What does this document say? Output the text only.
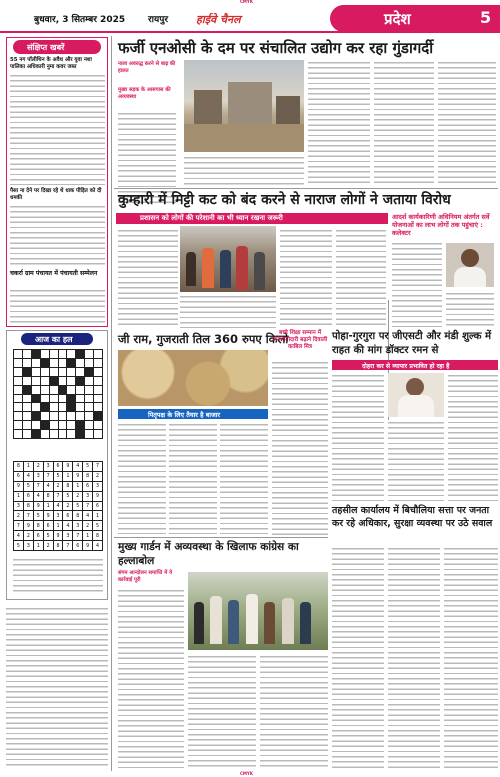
CMYK
बुधवार, 3 सितम्बर 2025	रायपुर	हाईवे चैनल	प्रदेश	5
संक्षिप्त खबरें
55 नग पॉलीथिन के अवैध और युवा नशा पालिका अधिकारी नुमा कवर जब्त
पैसा ना देने पर दिखा रहे थे धाक पीड़ित को दी धमकी
चकर्रा ग्राम पंचायत में पंचायती सम्मेलन
आज का हल
8	1	2	3	6	9	4	5	7
6	4	3	7	5	1	9	8	2
9	5	7	4	2	8	1	6	3
1	6	4	8	7	5	2	3	9
3	8	9	1	4	2	5	7	6
2	7	5	9	3	6	8	4	1
7	9	8	6	1	4	3	2	5
4	2	6	5	9	3	7	1	8
5	3	1	2	8	7	6	9	4
फर्जी एनओसी के दम पर संचालित उद्योग कर रहा गुंडागर्दी
नाला अवरुद्ध करने से बाढ़ की हालत
मुख्य सड़क के आसपास की अव्यवस्था
कुम्हारी में मिट्टी कट को बंद करने से नाराज लोगों ने जताया विरोध
प्रशासन को लोगों की परेशानी का भी ध्यान रखना जरूरी	आदर्श कार्यकारिणी अधिनियम अंतर्गत सर्वे योजनाओं का लाभ लोगों तक पहुंचाएं : कलेक्टर
जी राम, गुजराती तिल 360 रुपए किलो
पितृपक्ष के लिए तैयार है बाजार
बच्चे शिक्षा सम्मान में जनभागीदारी बढ़ाने दिवाली काबिल मित्र
पोहा-गुरगुरा पर जीएसटी और मंडी शुल्क में राहत की मांग डॉक्टर रमन से
दोहरा कर से व्यापार प्रभावित हो रहा है
तहसील कार्यालय में बिचौलिया सत्ता पर जनता कर रहे अधिकार, सुरक्षा व्यवस्था पर उठे सवाल
मुख्य गार्डन में अव्यवस्था के खिलाफ कांग्रेस का हल्लाबोल
संगम आन्दोलन समाप्ति में ये कार्रवाई पूरी
CMYK
